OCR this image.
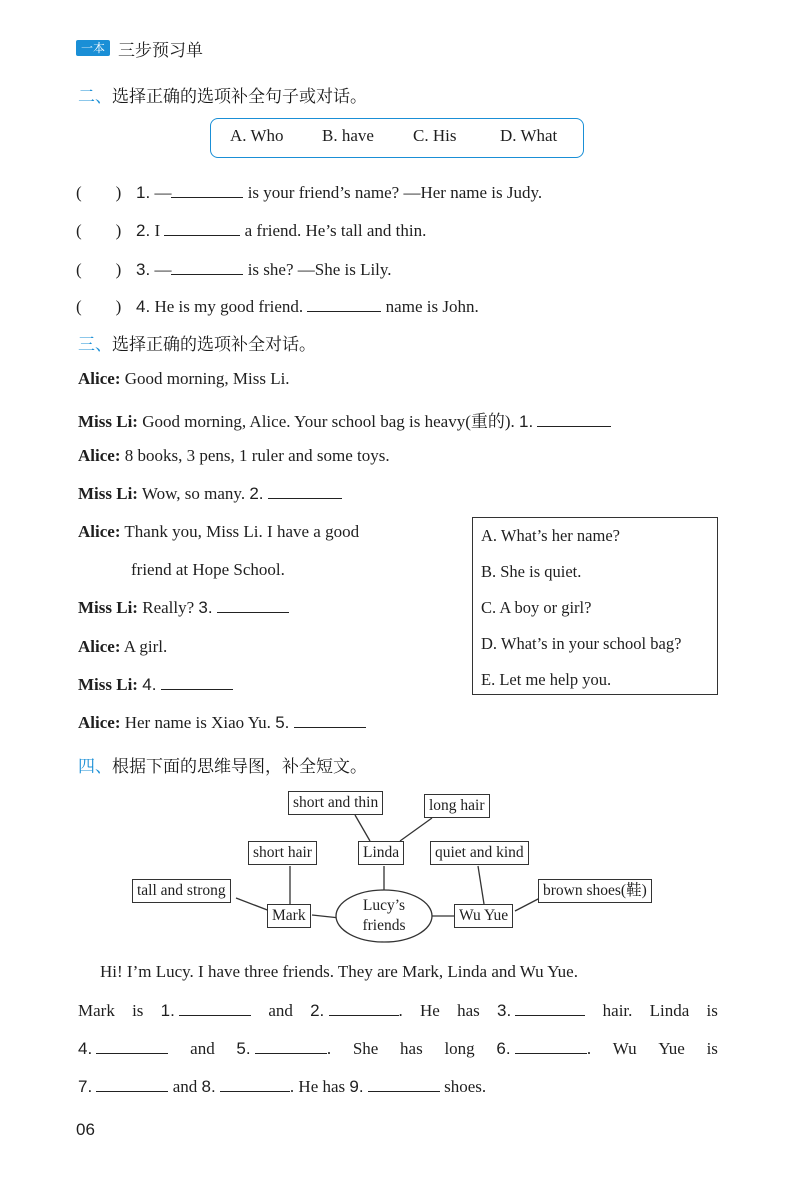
一本 三步预习单
二、选择正确的选项补全句子或对话。
A. Who B. have C. His	D. What
(　　) 1. —	is your friend’s name? —Her name is Judy.
(　　) 2. I	a friend. He’s tall and thin.
(　　) 3. —	is she? —She is Lily.
(　　) 4. He is my good friend.	name is John.
三、选择正确的选项补全对话。
Alice: Good morning, Miss Li.
Miss Li: Good morning, Alice. Your school bag is heavy(重的). 1.
Alice: 8 books, 3 pens, 1 ruler and some toys.
Miss Li: Wow, so many. 2.
Alice: Thank you, Miss Li. I have a good
friend at Hope School.
Miss Li: Really? 3.
Alice: A girl.
Miss Li: 4.
Alice: Her name is Xiao Yu. 5.
A. What’s her name?
B. She is quiet.
C. A boy or girl?
D. What’s in your school bag?
E. Let me help you.
四、根据下面的思维导图，补全短文。
Lucy’s
friends
short and thin	long hair
short hair	Linda	quiet and kind
tall and strong	brown shoes(鞋)
Mark	Wu Yue
Hi! I’m Lucy. I have three friends. They are Mark, Linda and Wu Yue.
Mark is 1.	and 2.	. He has 3.	hair. Linda is
4.	and 5.	. She has long 6.	. Wu Yue is
7.	and 8.	. He has 9.	shoes.
06
